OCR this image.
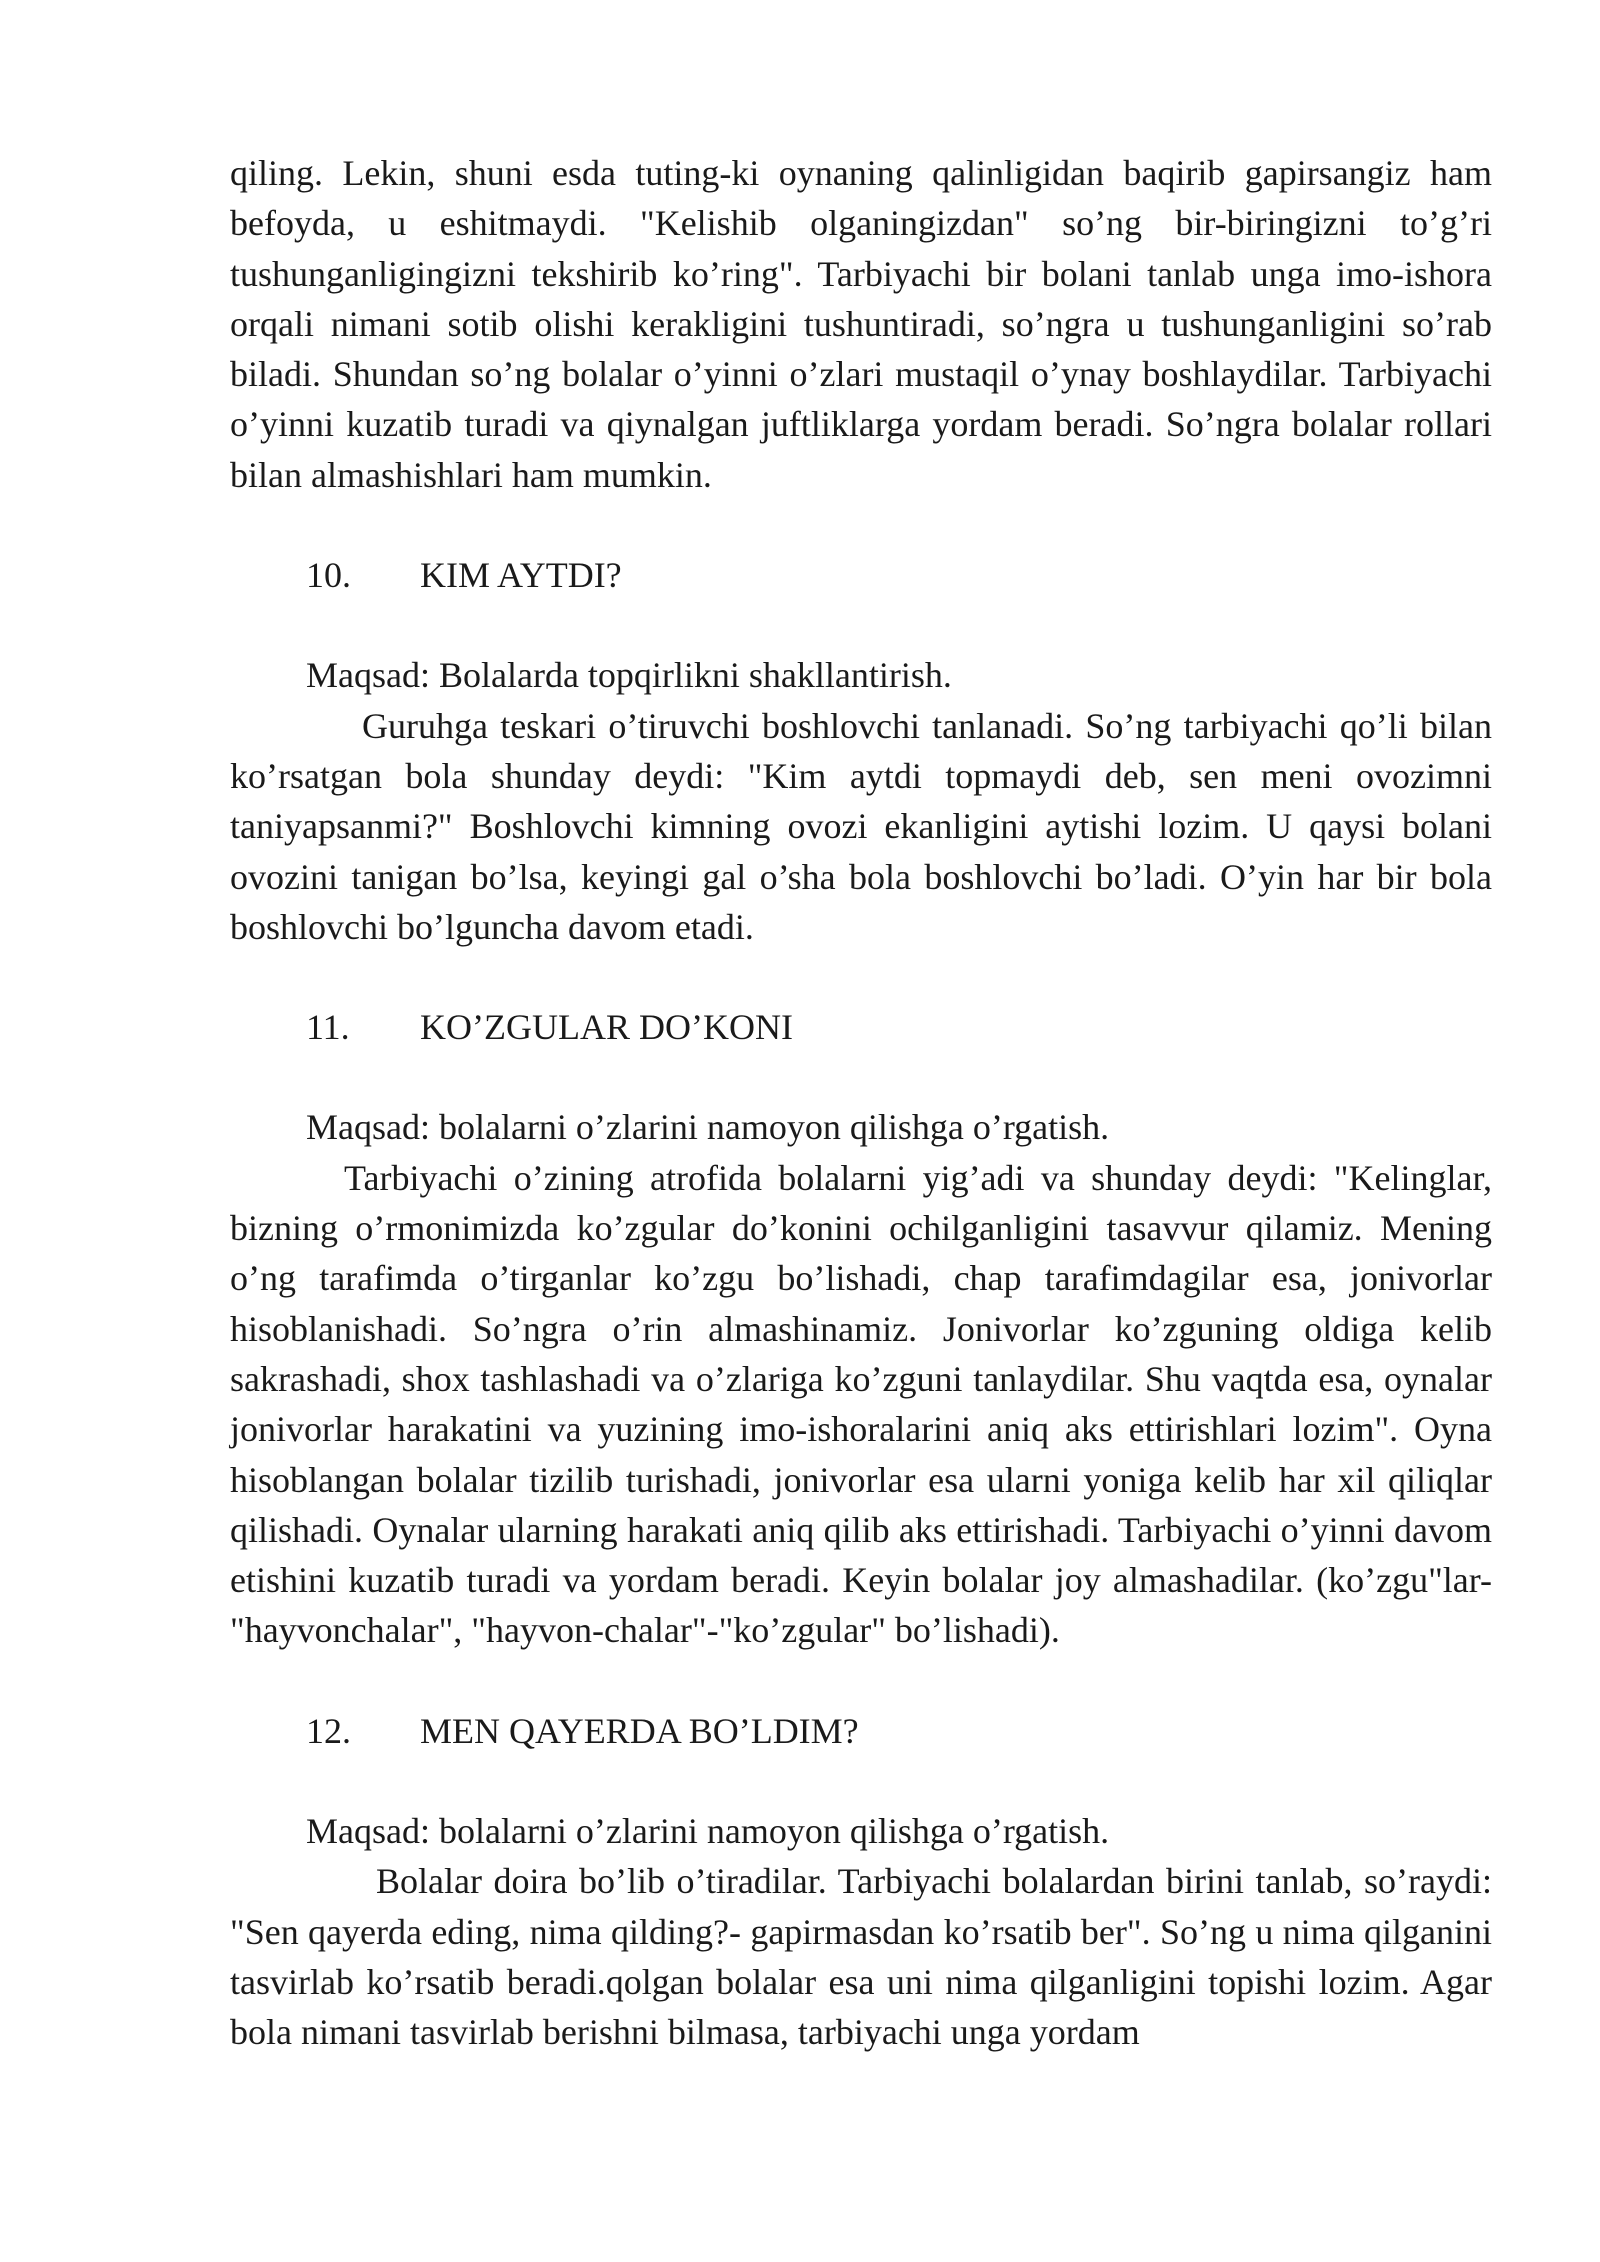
qiling. Lekin, shuni esda tuting-ki oynaning qalinligidan baqirib gapirsangiz ham befoyda, u eshitmaydi. "Kelishib olganingizdan" so’ng bir-biringizni to’g’ri tushunganligingizni tekshirib ko’ring". Tarbiyachi bir bolani tanlab unga imo-ishora orqali nimani sotib olishi kerakligini tushuntiradi, so’ngra u tushunganligini so’rab biladi. Shundan so’ng bolalar o’yinni o’zlari mustaqil o’ynay boshlaydilar. Tarbiyachi o’yinni kuzatib turadi va qiynalgan juftliklarga yordam beradi. So’ngra bolalar rollari bilan almashishlari ham mumkin.

10.	KIM AYTDI?

Maqsad: Bolalarda topqirlikni shakllantirish.

Guruhga teskari o’tiruvchi boshlovchi tanlanadi. So’ng tarbiyachi qo’li bilan ko’rsatgan bola shunday deydi: "Kim aytdi topmaydi deb, sen meni ovozimni taniyapsanmi?" Boshlovchi kimning ovozi ekanligini aytishi lozim. U qaysi bolani ovozini tanigan bo’lsa, keyingi gal o’sha bola boshlovchi bo’ladi. O’yin har bir bola boshlovchi bo’lguncha davom etadi.

11.	KO’ZGULAR DO’KONI

Maqsad: bolalarni o’zlarini namoyon qilishga o’rgatish.

Tarbiyachi o’zining atrofida bolalarni yig’adi va shunday deydi: "Kelinglar, bizning o’rmonimizda ko’zgular do’konini ochilganligini tasavvur qilamiz. Mening o’ng tarafimda o’tirganlar ko’zgu bo’lishadi, chap tarafimdagilar esa, jonivorlar hisoblanishadi. So’ngra o’rin almashinamiz. Jonivorlar ko’zguning oldiga kelib sakrashadi, shox tashlashadi va o’zlariga ko’zguni tanlaydilar. Shu vaqtda esa, oynalar jonivorlar harakatini va yuzining imo-ishoralarini aniq aks ettirishlari lozim". Oyna hisoblangan bolalar tizilib turishadi, jonivorlar esa ularni yoniga kelib har xil qiliqlar qilishadi. Oynalar ularning harakati aniq qilib aks ettirishadi. Tarbiyachi o’yinni davom etishini kuzatib turadi va yordam beradi. Keyin bolalar joy almashadilar. (ko’zgu"lar-"hayvonchalar", "hayvon-chalar"-"ko’zgular" bo’lishadi).

12.	MEN QAYERDA BO’LDIM?

Maqsad: bolalarni o’zlarini namoyon qilishga o’rgatish.

Bolalar doira bo’lib o’tiradilar. Tarbiyachi bolalardan birini tanlab, so’raydi: "Sen qayerda eding, nima qilding?- gapirmasdan ko’rsatib ber". So’ng u nima qilganini tasvirlab ko’rsatib beradi.qolgan bolalar esa uni nima qilganligini topishi lozim. Agar bola nimani tasvirlab berishni bilmasa, tarbiyachi unga yordam
